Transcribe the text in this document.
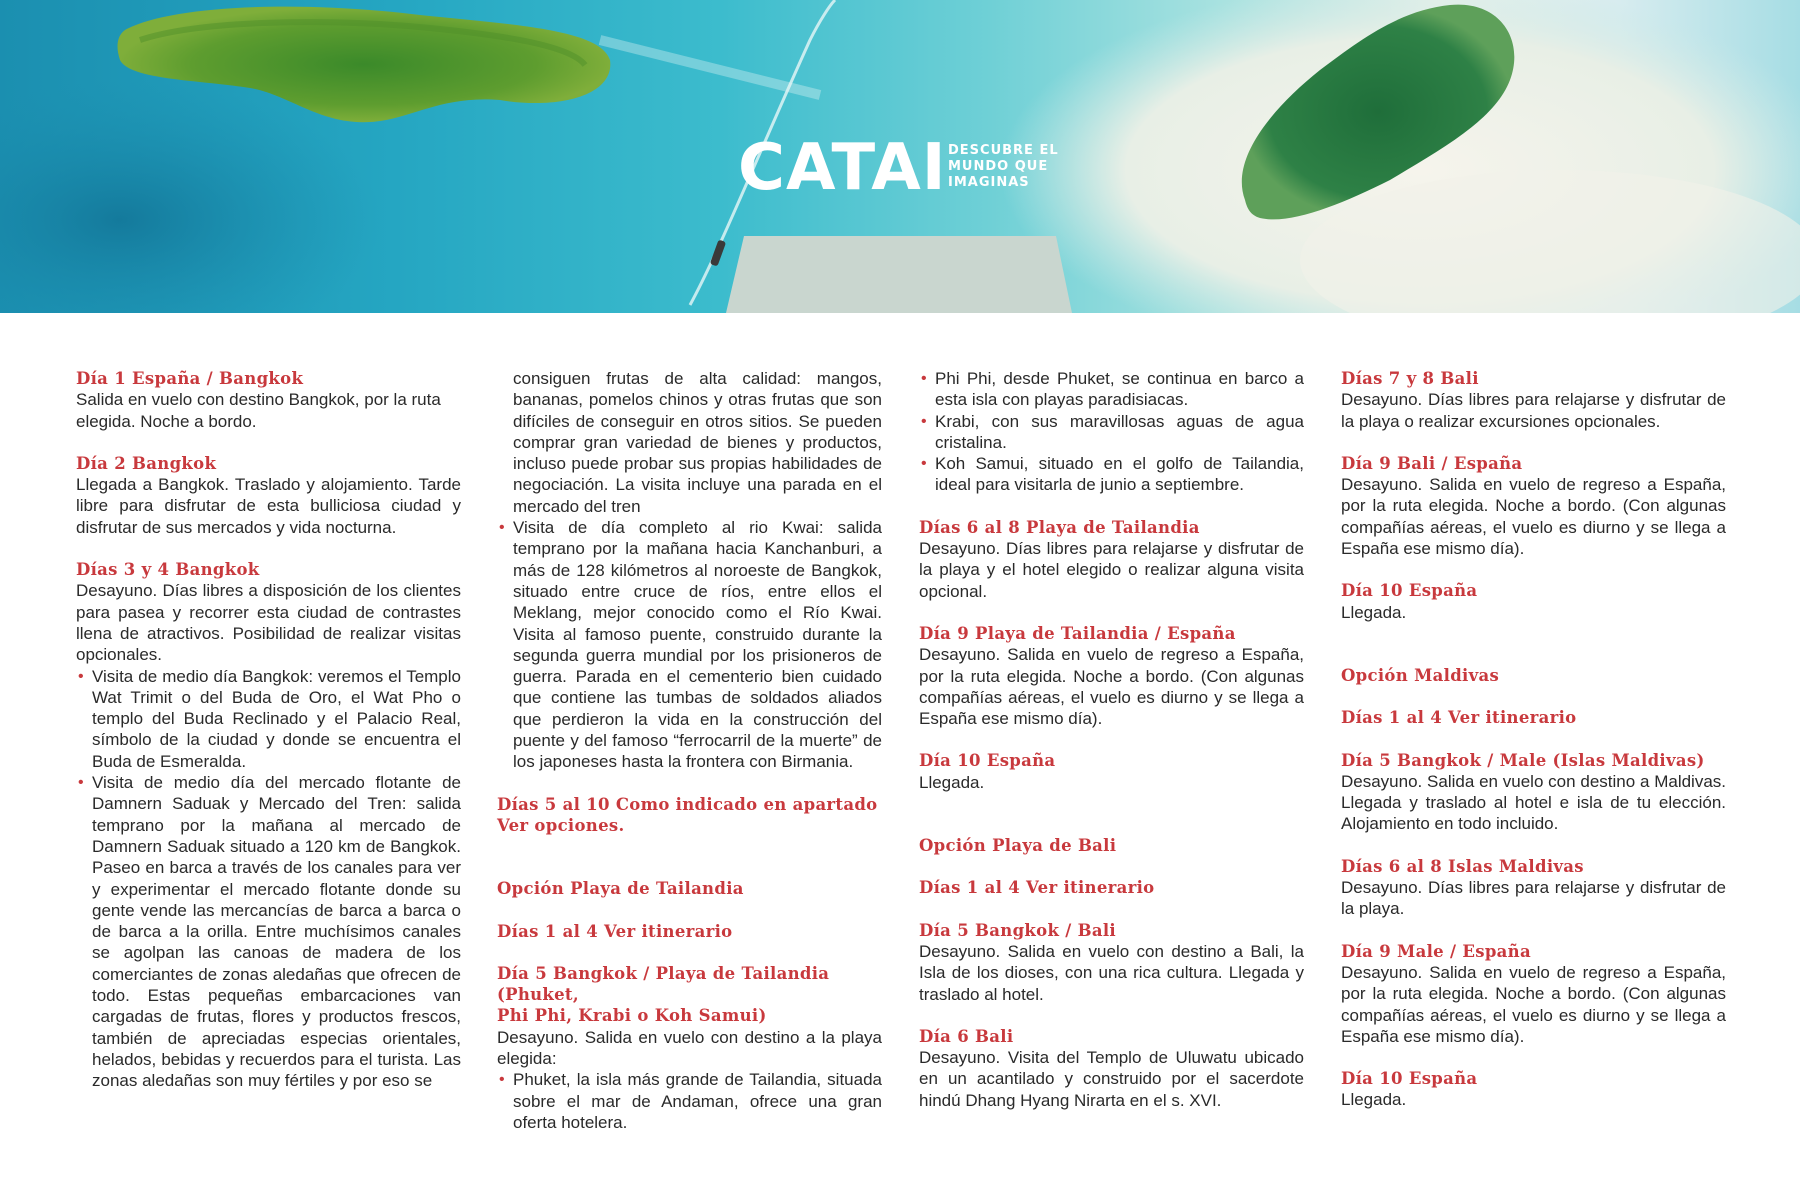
CATAI DESCUBRE EL
MUNDO QUE
IMAGINAS

Día 1 España / Bangkok

Salida en vuelo con destino Bangkok, por la ruta elegida. Noche a bordo.

Día 2 Bangkok

Llegada a Bangkok. Traslado y alojamiento. Tarde libre para disfrutar de esta bulliciosa ciudad y disfrutar de sus mercados y vida nocturna.

Días 3 y 4 Bangkok

Desayuno. Días libres a disposición de los clientes para pasea y recorrer esta ciudad de contrastes llena de atractivos. Posibilidad de realizar visitas opcionales.

• Visita de medio día Bangkok: veremos el Templo Wat Trimit o del Buda de Oro, el Wat Pho o templo del Buda Reclinado y el Palacio Real, símbolo de la ciudad y donde se encuentra el Buda de Esmeralda.
• Visita de medio día del mercado flotante de Damnern Saduak y Mercado del Tren: salida temprano por la mañana al mercado de Damnern Saduak situado a 120 km de Bangkok. Paseo en barca a través de los canales para ver y experimentar el mercado flotante donde su gente vende las mercancías de barca a barca o de barca a la orilla. Entre muchísimos canales se agolpan las canoas de madera de los comerciantes de zonas aledañas que ofrecen de todo. Estas pequeñas embarcaciones van cargadas de frutas, flores y productos frescos, también de apreciadas especias orientales, helados, bebidas y recuerdos para el turista. Las zonas aledañas son muy fértiles y por eso se

consiguen frutas de alta calidad: mangos, bananas, pomelos chinos y otras frutas que son difíciles de conseguir en otros sitios. Se pueden comprar gran variedad de bienes y productos, incluso puede probar sus propias habilidades de negociación. La visita incluye una parada en el mercado del tren

• Visita de día completo al rio Kwai: salida temprano por la mañana hacia Kanchanburi, a más de 128 kilómetros al noroeste de Bangkok, situado entre cruce de ríos, entre ellos el Meklang, mejor conocido como el Río Kwai. Visita al famoso puente, construido durante la segunda guerra mundial por los prisioneros de guerra. Parada en el cementerio bien cuidado que contiene las tumbas de soldados aliados que perdieron la vida en la construcción del puente y del famoso “ferrocarril de la muerte” de los japoneses hasta la frontera con Birmania.

Días 5 al 10 Como indicado en apartado

Ver opciones.

Opción Playa de Tailandia

Días 1 al 4 Ver itinerario

Día 5 Bangkok / Playa de Tailandia (Phuket,

Phi Phi, Krabi o Koh Samui)

Desayuno. Salida en vuelo con destino a la playa elegida:

• Phuket, la isla más grande de Tailandia, situada sobre el mar de Andaman, ofrece una gran oferta hotelera.
• Phi Phi, desde Phuket, se continua en barco a esta isla con playas paradisiacas.
• Krabi, con sus maravillosas aguas de agua cristalina.
• Koh Samui, situado en el golfo de Tailandia, ideal para visitarla de junio a septiembre.

Días 6 al 8 Playa de Tailandia

Desayuno. Días libres para relajarse y disfrutar de la playa y el hotel elegido o realizar alguna visita opcional.

Día 9 Playa de Tailandia / España

Desayuno. Salida en vuelo de regreso a España, por la ruta elegida. Noche a bordo. (Con algunas compañías aéreas, el vuelo es diurno y se llega a España ese mismo día).

Día 10 España

Llegada.

Opción Playa de Bali

Días 1 al 4 Ver itinerario

Día 5 Bangkok / Bali

Desayuno. Salida en vuelo con destino a Bali, la Isla de los dioses, con una rica cultura. Llegada y traslado al hotel.

Día 6 Bali

Desayuno. Visita del Templo de Uluwatu ubicado en un acantilado y construido por el sacerdote hindú Dhang Hyang Nirarta en el s. XVI.

Días 7 y 8 Bali

Desayuno. Días libres para relajarse y disfrutar de la playa o realizar excursiones opcionales.

Día 9 Bali / España

Desayuno. Salida en vuelo de regreso a España, por la ruta elegida. Noche a bordo. (Con algunas compañías aéreas, el vuelo es diurno y se llega a España ese mismo día).

Día 10 España

Llegada.

Opción Maldivas

Días 1 al 4 Ver itinerario

Día 5 Bangkok / Male (Islas Maldivas)

Desayuno. Salida en vuelo con destino a Maldivas. Llegada y traslado al hotel e isla de tu elección. Alojamiento en todo incluido.

Días 6 al 8 Islas Maldivas

Desayuno. Días libres para relajarse y disfrutar de la playa.

Día 9 Male / España

Desayuno. Salida en vuelo de regreso a España, por la ruta elegida. Noche a bordo. (Con algunas compañías aéreas, el vuelo es diurno y se llega a España ese mismo día).

Día 10 España

Llegada.
